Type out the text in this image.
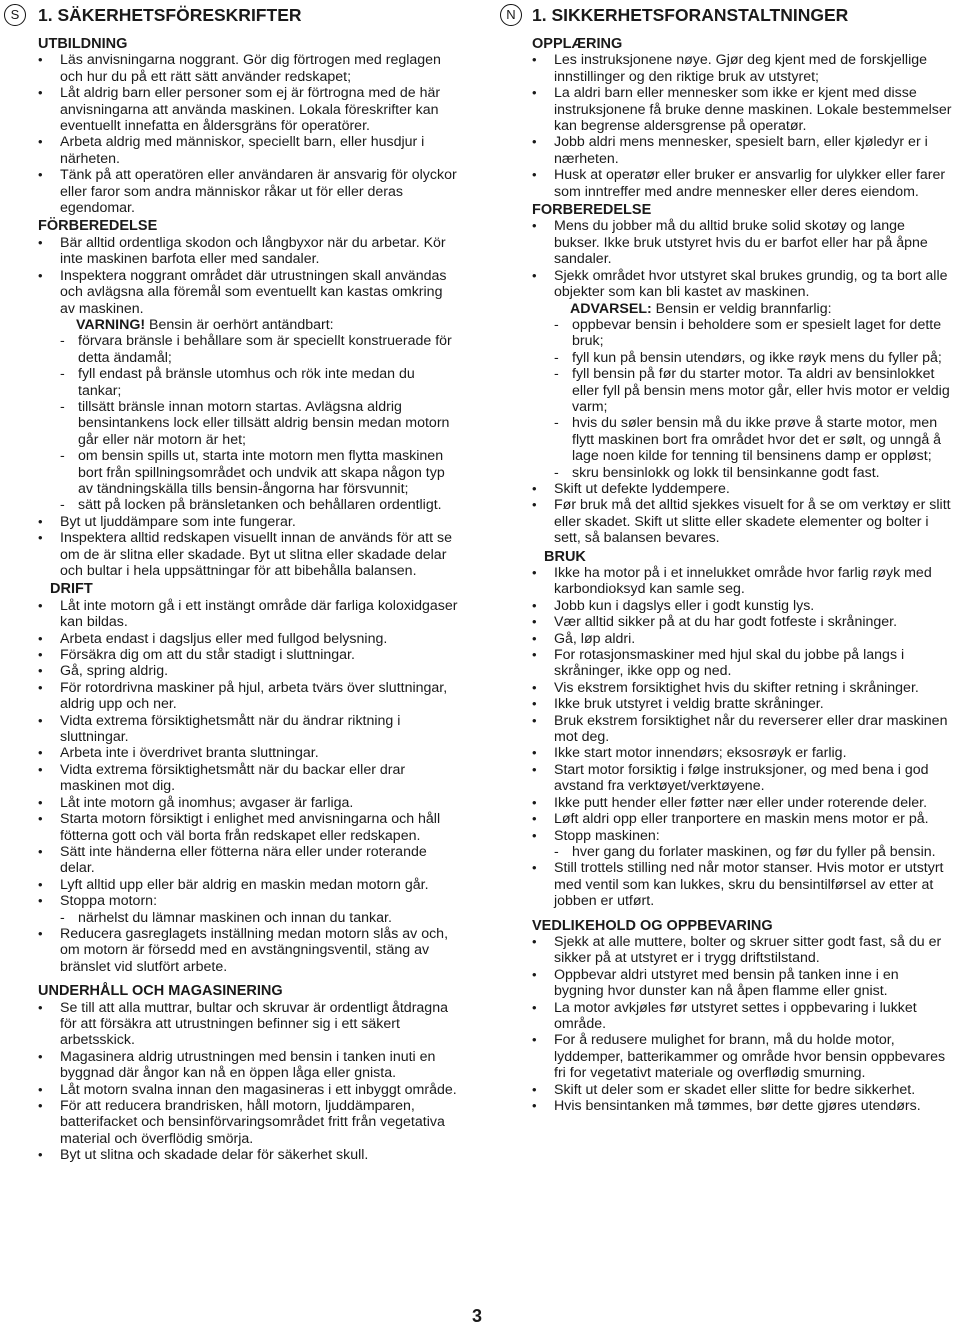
S	1. SÄKERHETSFÖRESKRIFTER
UTBILDNING
• Läs anvisningarna noggrant. Gör dig förtrogen med reglagen och hur du på ett rätt sätt använder redskapet;
• Låt aldrig barn eller personer som ej är förtrogna med de här anvisningarna att använda maskinen. Lokala föreskrifter kan eventuellt innefatta en åldersgräns för operatörer.
• Arbeta aldrig med människor, speciellt barn, eller husdjur i närheten.
• Tänk på att operatören eller användaren är ansvarig för olyckor eller faror som andra människor råkar ut för eller deras egendomar.
FÖRBEREDELSE
• Bär alltid ordentliga skodon och långbyxor när du arbetar. Kör inte maskinen barfota eller med sandaler.
• Inspektera noggrant området där utrustningen skall användas och avlägsna alla föremål som eventuellt kan kastas omkring av maskinen.
VARNING! Bensin är oerhört antändbart:
- förvara bränsle i behållare som är speciellt konstruerade för detta ändamål;
- fyll endast på bränsle utomhus och rök inte medan du tankar;
- tillsätt bränsle innan motorn startas. Avlägsna aldrig bensintankens lock eller tillsätt aldrig bensin medan motorn går eller när motorn är het;
- om bensin spills ut, starta inte motorn men flytta maskinen bort från spillningsområdet och undvik att skapa någon typ av tändningskälla tills bensin-ångorna har försvunnit;
- sätt på locken på bränsletanken och behållaren ordentligt.
• Byt ut ljuddämpare som inte fungerar.
• Inspektera alltid redskapen visuellt innan de används för att se om de är slitna eller skadade. Byt ut slitna eller skadade delar och bultar i hela uppsättningar för att bibehålla balansen.
DRIFT
• Låt inte motorn gå i ett instängt område där farliga koloxidgaser kan bildas.
• Arbeta endast i dagsljus eller med fullgod belysning.
• Försäkra dig om att du står stadigt i sluttningar.
• Gå, spring aldrig.
• För rotordrivna maskiner på hjul, arbeta tvärs över sluttningar, aldrig upp och ner.
• Vidta extrema försiktighetsmått när du ändrar riktning i sluttningar.
• Arbeta inte i överdrivet branta sluttningar.
• Vidta extrema försiktighetsmått när du backar eller drar maskinen mot dig.
• Låt inte motorn gå inomhus; avgaser är farliga.
• Starta motorn försiktigt i enlighet med anvisningarna och håll fötterna gott och väl borta från redskapet eller redskapen.
• Sätt inte händerna eller fötterna nära eller under roterande delar.
• Lyft alltid upp eller bär aldrig en maskin medan motorn går.
• Stoppa motorn:
- närhelst du lämnar maskinen och innan du tankar.
• Reducera gasreglagets inställning medan motorn slås av och, om motorn är försedd med en avstängningsventil, stäng av bränslet vid slutfört arbete.
UNDERHÅLL OCH MAGASINERING
• Se till att alla muttrar, bultar och skruvar är ordentligt åtdragna för att försäkra att utrustningen befinner sig i ett säkert arbetsskick.
• Magasinera aldrig utrustningen med bensin i tanken inuti en byggnad där ångor kan nå en öppen låga eller gnista.
• Låt motorn svalna innan den magasineras i ett inbyggt område.
• För att reducera brandrisken, håll motorn, ljuddämparen, batterifacket och bensinförvaringsområdet fritt från vegetativa material och överflödig smörja.
• Byt ut slitna och skadade delar för säkerhet skull.
N 1. SIKKERHETSFORANSTALTNINGER
OPPLÆRING
• Les instruksjonene nøye. Gjør deg kjent med de forskjellige innstillinger og den riktige bruk av utstyret;
• La aldri barn eller mennesker som ikke er kjent med disse instruksjonene få bruke denne maskinen. Lokale bestemmelser kan begrense aldersgrense på operatør.
• Jobb aldri mens mennesker, spesielt barn, eller kjøledyr er i nærheten.
• Husk at operatør eller bruker er ansvarlig for ulykker eller farer som inntreffer med andre mennesker eller deres eiendom.
FORBEREDELSE
• Mens du jobber må du alltid bruke solid skotøy og lange bukser. Ikke bruk utstyret hvis du er barfot eller har på åpne sandaler.
• Sjekk området hvor utstyret skal brukes grundig, og ta bort alle objekter som kan bli kastet av maskinen.
ADVARSEL: Bensin er veldig brannfarlig:
- oppbevar bensin i beholdere som er spesielt laget for dette bruk;
- fyll kun på bensin utendørs, og ikke røyk mens du fyller på;
- fyll bensin på før du starter motor. Ta aldri av bensinlokket eller fyll på bensin mens motor går, eller hvis motor er veldig varm;
- hvis du søler bensin må du ikke prøve å starte motor, men flytt maskinen bort fra området hvor det er sølt, og unngå å lage noen kilde for tenning til bensinens damp er oppløst;
- skru bensinlokk og lokk til bensinkanne godt fast.
• Skift ut defekte lyddempere.
• Før bruk må det alltid sjekkes visuelt for å se om verktøy er slitt eller skadet. Skift ut slitte eller skadete elementer og bolter i sett, så balansen bevares.
BRUK
• Ikke ha motor på i et innelukket område hvor farlig røyk med karbondioksyd kan samle seg.
• Jobb kun i dagslys eller i godt kunstig lys.
• Vær alltid sikker på at du har godt fotfeste i skråninger.
• Gå, løp aldri.
• For rotasjonsmaskiner med hjul skal du jobbe på langs i skråninger, ikke opp og ned.
• Vis ekstrem forsiktighet hvis du skifter retning i skråninger.
• Ikke bruk utstyret i veldig bratte skråninger.
• Bruk ekstrem forsiktighet når du reverserer eller drar maskinen mot deg.
• Ikke start motor innendørs; eksosrøyk er farlig.
• Start motor forsiktig i følge instruksjoner, og med bena i god avstand fra verktøyet/verktøyene.
• Ikke putt hender eller føtter nær eller under roterende deler.
• Løft aldri opp eller tranportere en maskin mens motor er på.
• Stopp maskinen:
- hver gang du forlater maskinen, og før du fyller på bensin.
• Still trottels stilling ned når motor stanser. Hvis motor er utstyrt med ventil som kan lukkes, skru du bensintilførsel av etter at jobben er utført.
VEDLIKEHOLD OG OPPBEVARING
• Sjekk at alle muttere, bolter og skruer sitter godt fast, så du er sikker på at utstyret er i trygg driftstilstand.
• Oppbevar aldri utstyret med bensin på tanken inne i en bygning hvor dunster kan nå åpen flamme eller gnist.
• La motor avkjøles før utstyret settes i oppbevaring i lukket område.
• For å redusere mulighet for brann, må du holde motor, lyddemper, batterikammer og område hvor bensin oppbevares fri for vegetativt materiale og overflødig smurning.
• Skift ut deler som er skadet eller slitte for bedre sikkerhet.
• Hvis bensintanken må tømmes, bør dette gjøres utendørs.
3
